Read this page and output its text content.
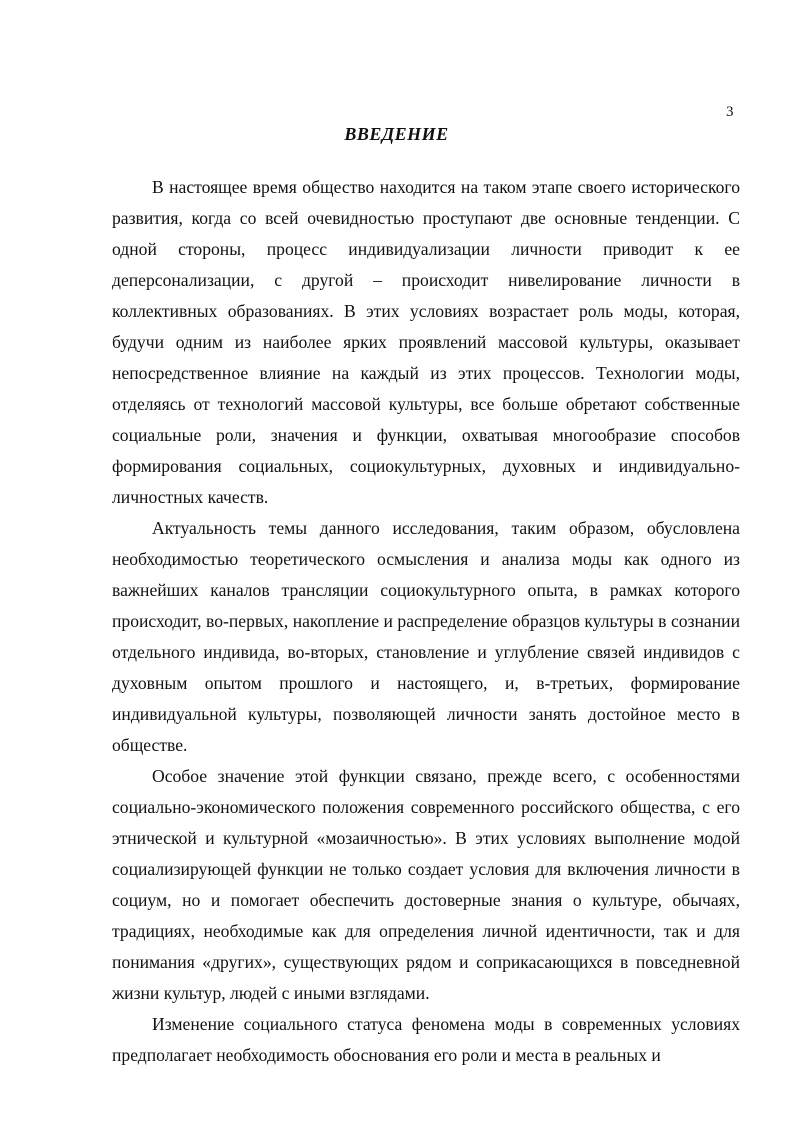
3
ВВЕДЕНИЕ

В настоящее время общество находится на таком этапе своего исторического развития, когда со всей очевидностью проступают две основные тенденции. С одной стороны, процесс индивидуализации личности приводит к ее деперсонализации, с другой – происходит нивелирование личности в коллективных образованиях. В этих условиях возрастает роль моды, которая, будучи одним из наиболее ярких проявлений массовой культуры, оказывает непосредственное влияние на каждый из этих процессов. Технологии моды, отделяясь от технологий массовой культуры, все больше обретают собственные социальные роли, значения и функции, охватывая многообразие способов формирования социальных, социокультурных, духовных и индивидуально-личностных качеств.

Актуальность темы данного исследования, таким образом, обусловлена необходимостью теоретического осмысления и анализа моды как одного из важнейших каналов трансляции социокультурного опыта, в рамках которого происходит, во-первых, накопление и распределение образцов культуры в сознании отдельного индивида, во-вторых, становление и углубление связей индивидов с духовным опытом прошлого и настоящего, и, в-третьих, формирование индивидуальной культуры, позволяющей личности занять достойное место в обществе.

Особое значение этой функции связано, прежде всего, с особенностями социально-экономического положения современного российского общества, с его этнической и культурной «мозаичностью». В этих условиях выполнение модой социализирующей функции не только создает условия для включения личности в социум, но и помогает обеспечить достоверные знания о культуре, обычаях, традициях, необходимые как для определения личной идентичности, так и для понимания «других», существующих рядом и соприкасающихся в повседневной жизни культур, людей с иными взглядами.

Изменение социального статуса феномена моды в современных условиях предполагает необходимость обоснования его роли и места в реальных и
